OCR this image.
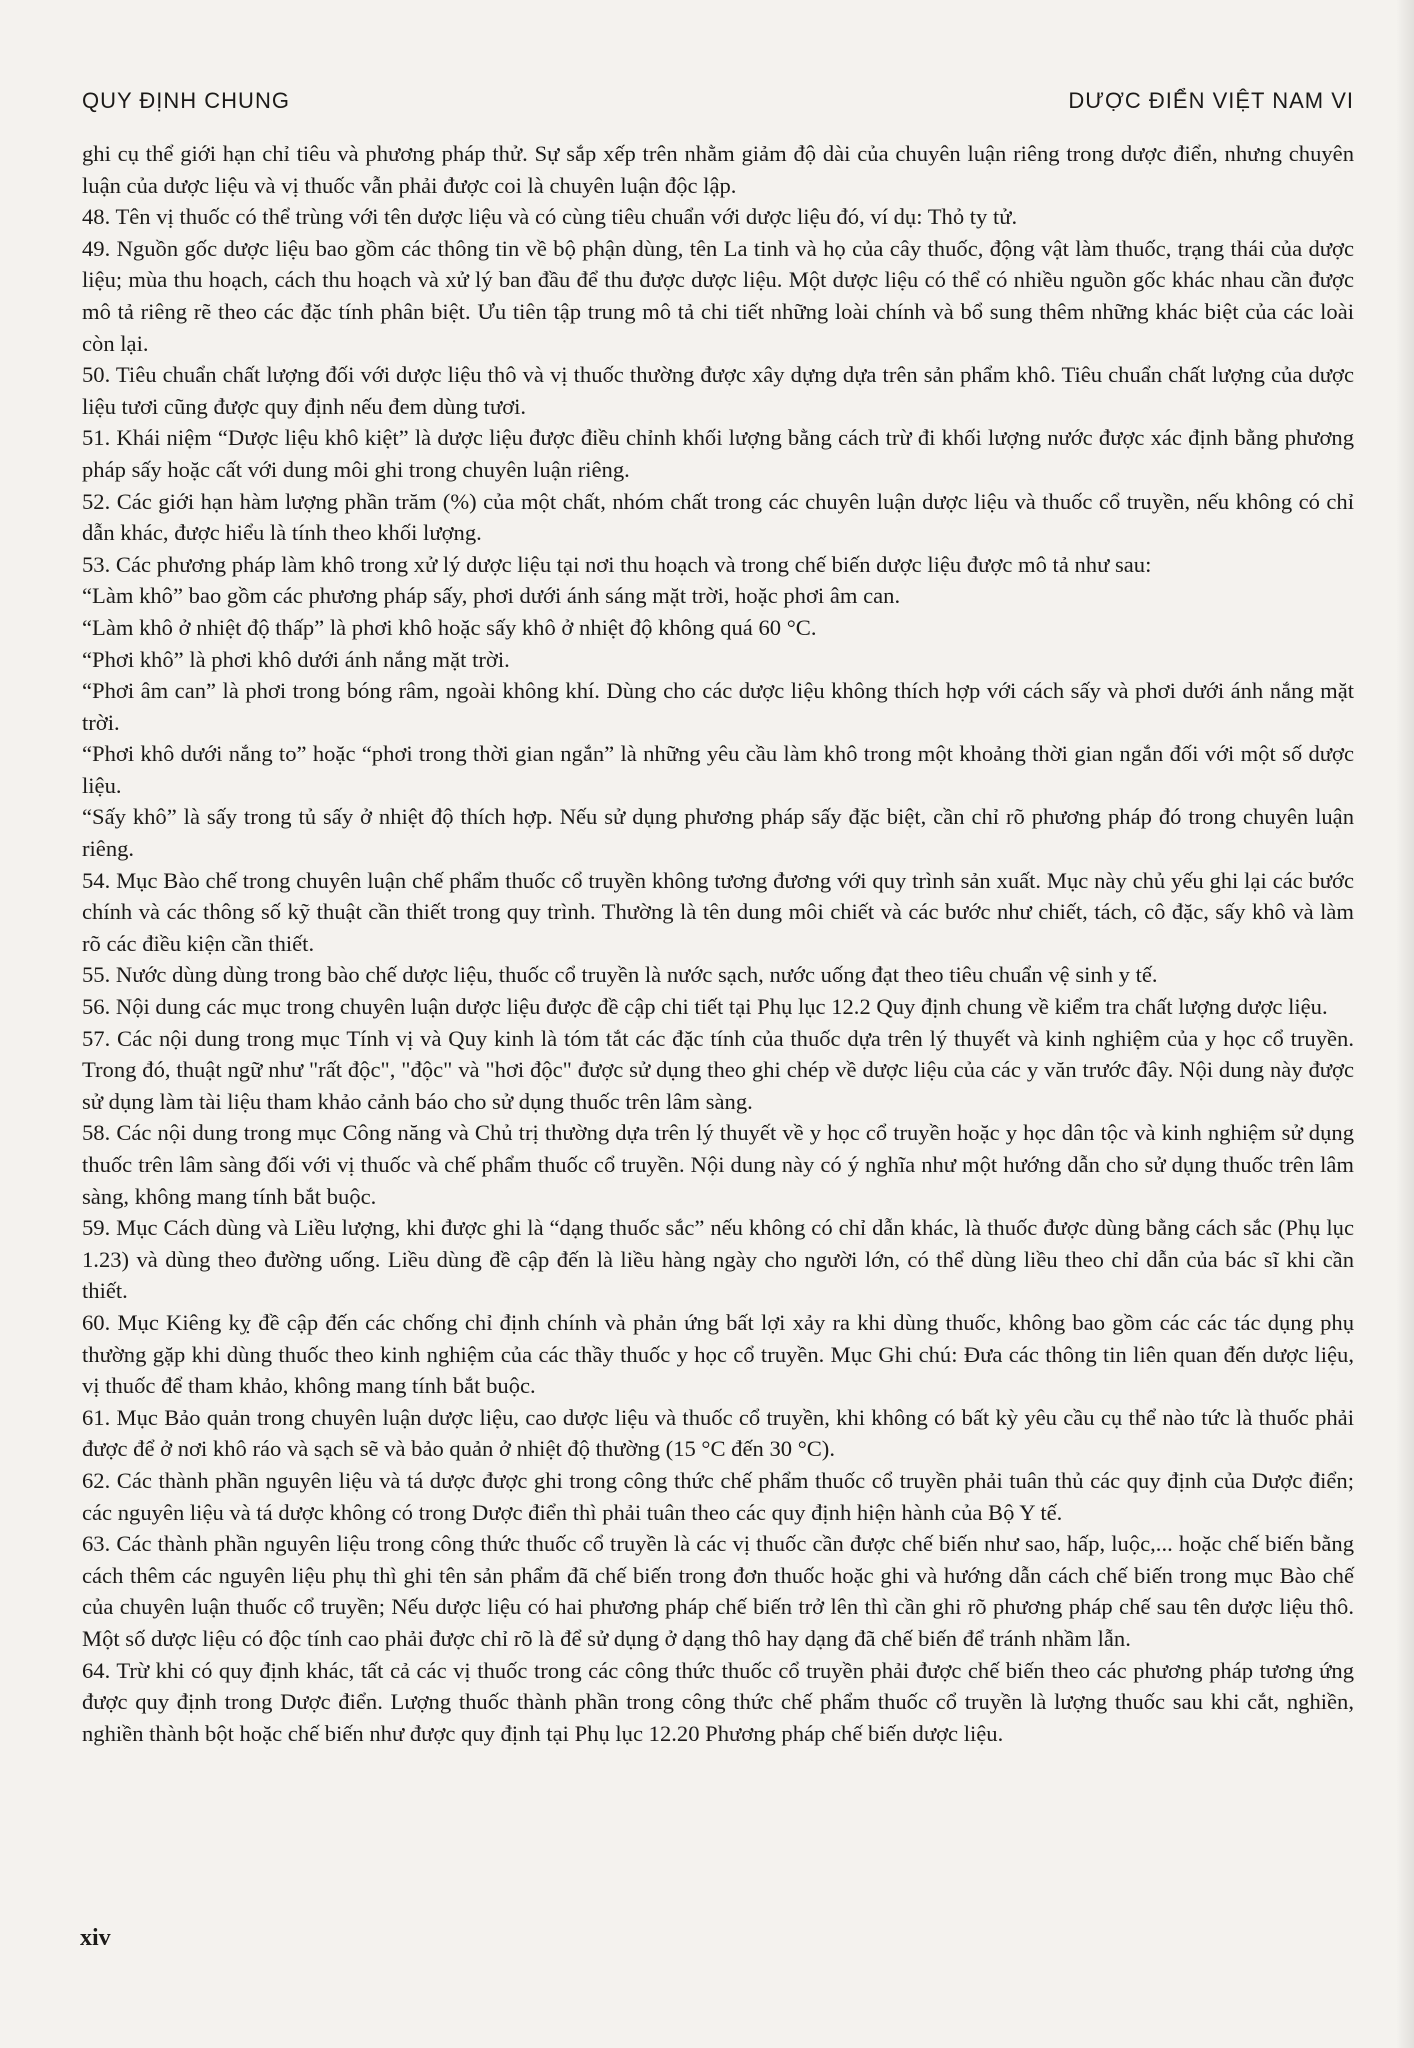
QUY ĐỊNH CHUNG	DƯỢC ĐIỂN VIỆT NAM VI

ghi cụ thể giới hạn chỉ tiêu và phương pháp thử. Sự sắp xếp trên nhằm giảm độ dài của chuyên luận riêng trong dược điển, nhưng chuyên luận của dược liệu và vị thuốc vẫn phải được coi là chuyên luận độc lập.

48. Tên vị thuốc có thể trùng với tên dược liệu và có cùng tiêu chuẩn với dược liệu đó, ví dụ: Thỏ ty tử.

49. Nguồn gốc dược liệu bao gồm các thông tin về bộ phận dùng, tên La tinh và họ của cây thuốc, động vật làm thuốc, trạng thái của dược liệu; mùa thu hoạch, cách thu hoạch và xử lý ban đầu để thu được dược liệu. Một dược liệu có thể có nhiều nguồn gốc khác nhau cần được mô tả riêng rẽ theo các đặc tính phân biệt. Ưu tiên tập trung mô tả chi tiết những loài chính và bổ sung thêm những khác biệt của các loài còn lại.

50. Tiêu chuẩn chất lượng đối với dược liệu thô và vị thuốc thường được xây dựng dựa trên sản phẩm khô. Tiêu chuẩn chất lượng của dược liệu tươi cũng được quy định nếu đem dùng tươi.

51. Khái niệm “Dược liệu khô kiệt” là dược liệu được điều chỉnh khối lượng bằng cách trừ đi khối lượng nước được xác định bằng phương pháp sấy hoặc cất với dung môi ghi trong chuyên luận riêng.

52. Các giới hạn hàm lượng phần trăm (%) của một chất, nhóm chất trong các chuyên luận dược liệu và thuốc cổ truyền, nếu không có chỉ dẫn khác, được hiểu là tính theo khối lượng.

53. Các phương pháp làm khô trong xử lý dược liệu tại nơi thu hoạch và trong chế biến dược liệu được mô tả như sau:

“Làm khô” bao gồm các phương pháp sấy, phơi dưới ánh sáng mặt trời, hoặc phơi âm can.

“Làm khô ở nhiệt độ thấp” là phơi khô hoặc sấy khô ở nhiệt độ không quá 60 °C.

“Phơi khô” là phơi khô dưới ánh nắng mặt trời.

“Phơi âm can” là phơi trong bóng râm, ngoài không khí. Dùng cho các dược liệu không thích hợp với cách sấy và phơi dưới ánh nắng mặt trời.

“Phơi khô dưới nắng to” hoặc “phơi trong thời gian ngắn” là những yêu cầu làm khô trong một khoảng thời gian ngắn đối với một số dược liệu.

“Sấy khô” là sấy trong tủ sấy ở nhiệt độ thích hợp. Nếu sử dụng phương pháp sấy đặc biệt, cần chỉ rõ phương pháp đó trong chuyên luận riêng.

54. Mục Bào chế trong chuyên luận chế phẩm thuốc cổ truyền không tương đương với quy trình sản xuất. Mục này chủ yếu ghi lại các bước chính và các thông số kỹ thuật cần thiết trong quy trình. Thường là tên dung môi chiết và các bước như chiết, tách, cô đặc, sấy khô và làm rõ các điều kiện cần thiết.

55. Nước dùng dùng trong bào chế dược liệu, thuốc cổ truyền là nước sạch, nước uống đạt theo tiêu chuẩn vệ sinh y tế.

56. Nội dung các mục trong chuyên luận dược liệu được đề cập chi tiết tại Phụ lục 12.2 Quy định chung về kiểm tra chất lượng dược liệu.

57. Các nội dung trong mục Tính vị và Quy kinh là tóm tắt các đặc tính của thuốc dựa trên lý thuyết và kinh nghiệm của y học cổ truyền. Trong đó, thuật ngữ như "rất độc", "độc" và "hơi độc" được sử dụng theo ghi chép về dược liệu của các y văn trước đây. Nội dung này được sử dụng làm tài liệu tham khảo cảnh báo cho sử dụng thuốc trên lâm sàng.

58. Các nội dung trong mục Công năng và Chủ trị thường dựa trên lý thuyết về y học cổ truyền hoặc y học dân tộc và kinh nghiệm sử dụng thuốc trên lâm sàng đối với vị thuốc và chế phẩm thuốc cổ truyền. Nội dung này có ý nghĩa như một hướng dẫn cho sử dụng thuốc trên lâm sàng, không mang tính bắt buộc.

59. Mục Cách dùng và Liều lượng, khi được ghi là “dạng thuốc sắc” nếu không có chỉ dẫn khác, là thuốc được dùng bằng cách sắc (Phụ lục 1.23) và dùng theo đường uống. Liều dùng đề cập đến là liều hàng ngày cho người lớn, có thể dùng liều theo chỉ dẫn của bác sĩ khi cần thiết.

60. Mục Kiêng kỵ đề cập đến các chống chỉ định chính và phản ứng bất lợi xảy ra khi dùng thuốc, không bao gồm các các tác dụng phụ thường gặp khi dùng thuốc theo kinh nghiệm của các thầy thuốc y học cổ truyền. Mục Ghi chú: Đưa các thông tin liên quan đến dược liệu, vị thuốc để tham khảo, không mang tính bắt buộc.

61. Mục Bảo quản trong chuyên luận dược liệu, cao dược liệu và thuốc cổ truyền, khi không có bất kỳ yêu cầu cụ thể nào tức là thuốc phải được để ở nơi khô ráo và sạch sẽ và bảo quản ở nhiệt độ thường (15 °C đến 30 °C).

62. Các thành phần nguyên liệu và tá dược được ghi trong công thức chế phẩm thuốc cổ truyền phải tuân thủ các quy định của Dược điển; các nguyên liệu và tá dược không có trong Dược điển thì phải tuân theo các quy định hiện hành của Bộ Y tế.

63. Các thành phần nguyên liệu trong công thức thuốc cổ truyền là các vị thuốc cần được chế biến như sao, hấp, luộc,... hoặc chế biến bằng cách thêm các nguyên liệu phụ thì ghi tên sản phẩm đã chế biến trong đơn thuốc hoặc ghi và hướng dẫn cách chế biến trong mục Bào chế của chuyên luận thuốc cổ truyền; Nếu dược liệu có hai phương pháp chế biến trở lên thì cần ghi rõ phương pháp chế sau tên dược liệu thô. Một số dược liệu có độc tính cao phải được chỉ rõ là để sử dụng ở dạng thô hay dạng đã chế biến để tránh nhầm lẫn.

64. Trừ khi có quy định khác, tất cả các vị thuốc trong các công thức thuốc cổ truyền phải được chế biến theo các phương pháp tương ứng được quy định trong Dược điển. Lượng thuốc thành phần trong công thức chế phẩm thuốc cổ truyền là lượng thuốc sau khi cắt, nghiền, nghiền thành bột hoặc chế biến như được quy định tại Phụ lục 12.20 Phương pháp chế biến dược liệu.

xiv
